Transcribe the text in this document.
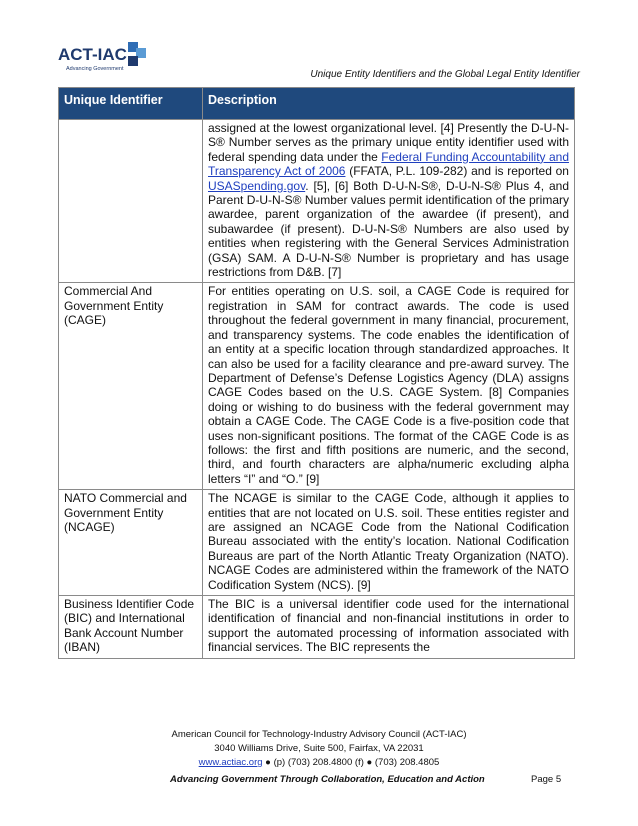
ACT-IAC
Advancing Government	Unique Entity Identifiers and the Global Legal Entity Identifier
Unique Identifier	Description
	assigned at the lowest organizational level. [4] Presently the D-U-N-S® Number serves as the primary unique entity identifier used with federal spending data under the Federal Funding Accountability and Transparency Act of 2006 (FFATA, P.L. 109-282) and is reported on USASpending.gov. [5], [6] Both D-U-N-S®, D-U-N-S® Plus 4, and Parent D-U-N-S® Number values permit identification of the primary awardee, parent organization of the awardee (if present), and subawardee (if present). D-U-N-S® Numbers are also used by entities when registering with the General Services Administration (GSA) SAM. A D-U-N-S® Number is proprietary and has usage restrictions from D&B. [7]
Commercial And Government Entity (CAGE)	For entities operating on U.S. soil, a CAGE Code is required for registration in SAM for contract awards. The code is used throughout the federal government in many financial, procurement, and transparency systems. The code enables the identification of an entity at a specific location through standardized approaches. It can also be used for a facility clearance and pre-award survey. The Department of Defense’s Defense Logistics Agency (DLA) assigns CAGE Codes based on the U.S. CAGE System. [8] Companies doing or wishing to do business with the federal government may obtain a CAGE Code. The CAGE Code is a five-position code that uses non-significant positions. The format of the CAGE Code is as follows: the first and fifth positions are numeric, and the second, third, and fourth characters are alpha/numeric excluding alpha letters “I” and “O.” [9]
NATO Commercial and Government Entity (NCAGE)	The NCAGE is similar to the CAGE Code, although it applies to entities that are not located on U.S. soil. These entities register and are assigned an NCAGE Code from the National Codification Bureau associated with the entity’s location. National Codification Bureaus are part of the North Atlantic Treaty Organization (NATO). NCAGE Codes are administered within the framework of the NATO Codification System (NCS). [9]
Business Identifier Code (BIC) and International Bank Account Number (IBAN)	The BIC is a universal identifier code used for the international identification of financial and non-financial institutions in order to support the automated processing of information associated with financial services. The BIC represents the
American Council for Technology-Industry Advisory Council (ACT-IAC)
3040 Williams Drive, Suite 500, Fairfax, VA 22031
www.actiac.org ● (p) (703) 208.4800 (f) ● (703) 208.4805
Advancing Government Through Collaboration, Education and Action	Page 5
